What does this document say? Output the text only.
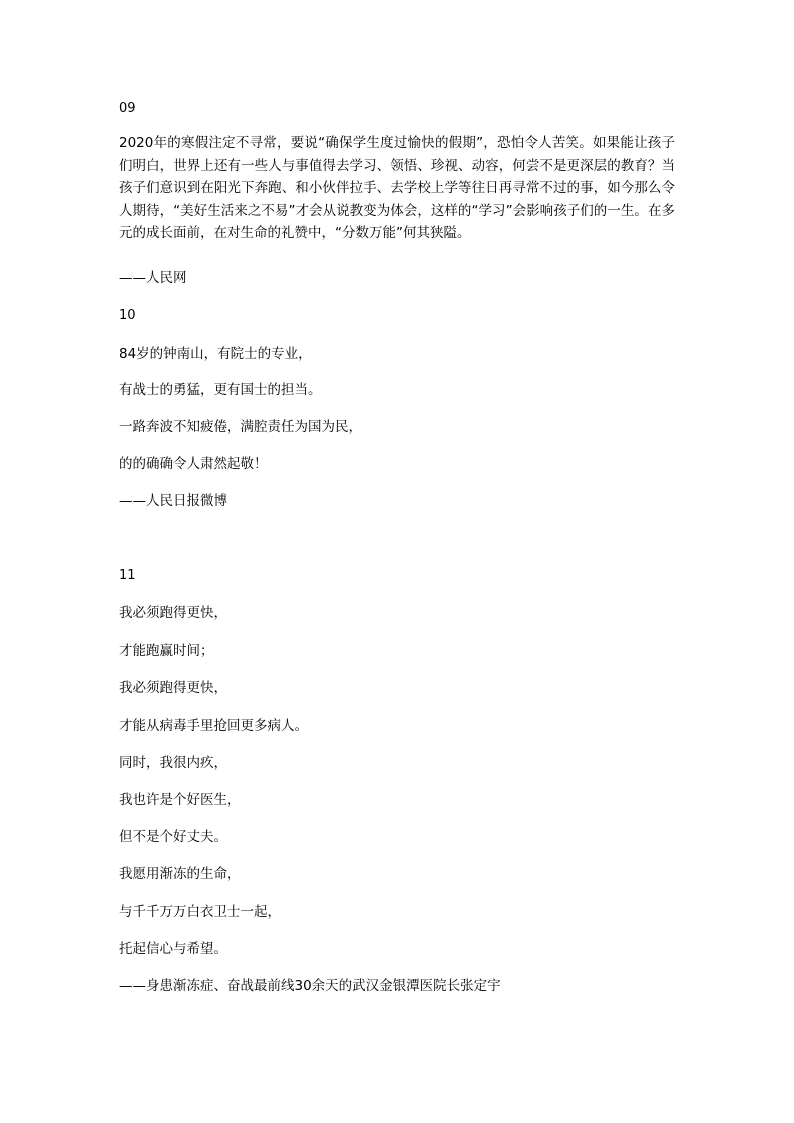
09

2020年的寒假注定不寻常，要说“确保学生度过愉快的假期”，恐怕令人苦笑。如果能让孩子们明白，世界上还有一些人与事值得去学习、领悟、珍视、动容，何尝不是更深层的教育？当孩子们意识到在阳光下奔跑、和小伙伴拉手、去学校上学等往日再寻常不过的事，如今那么令人期待，“美好生活来之不易”才会从说教变为体会，这样的“学习”会影响孩子们的一生。在多元的成长面前，在对生命的礼赞中，“分数万能”何其狭隘。

——人民网

10

84岁的钟南山，有院士的专业，

有战士的勇猛，更有国士的担当。

一路奔波不知疲倦，满腔责任为国为民，

的的确确令人肃然起敬！

——人民日报微博

11

我必须跑得更快，

才能跑赢时间；

我必须跑得更快，

才能从病毒手里抢回更多病人。

同时，我很内疚，

我也许是个好医生，

但不是个好丈夫。

我愿用渐冻的生命，

与千千万万白衣卫士一起，

托起信心与希望。

——身患渐冻症、奋战最前线30余天的武汉金银潭医院长张定宇
